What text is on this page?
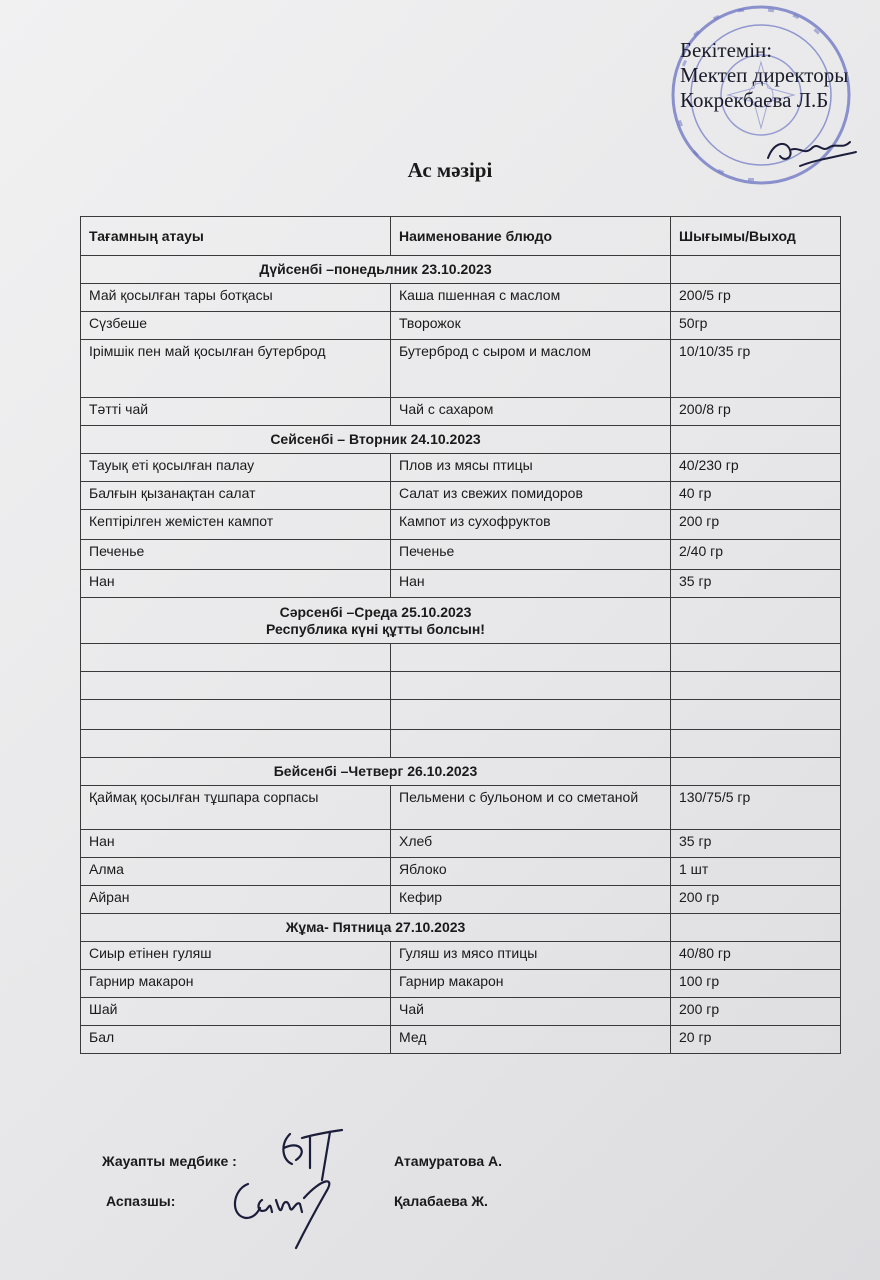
Бекітемін:
Мектеп директоры
Кокрекбаева Л.Б
Ас мәзірі
Тағамның атауы	Наименование блюдо	Шығымы/Выход

Дүйсенбі –понедьлник 23.10.2023		

Май қосылған тары ботқасы	Каша пшенная с маслом	200/5 гр
Сүзбеше	Творожок	50гр
Ірімшік пен май қосылған бутерброд	Бутерброд с сыром и маслом	10/10/35 гр
Тәтті чай	Чай с сахаром	200/8 гр

Сейсенбі – Вторник 24.10.2023		

Тауық еті қосылған палау	Плов из мясы птицы	40/230 гр
Балғын қызанақтан салат	Салат из свежих помидоров	40 гр
Кептірілген жемістен кампот	Кампот из сухофруктов	200 гр
Печенье	Печенье	2/40 гр
Нан	Нан	35 гр

Сәрсенбі –Среда 25.10.2023
Республика күні құтты болсын!		

Бейсенбі –Четверг 26.10.2023		

Қаймақ қосылған тұшпара сорпасы	Пельмени с бульоном и со сметаной	130/75/5 гр
Нан	Хлеб	35 гр
Алма	Яблоко	1 шт
Айран	Кефир	200 гр

Жұма- Пятница 27.10.2023		

Сиыр етінен гуляш	Гуляш из мясо птицы	40/80 гр
Гарнир макарон	Гарнир макарон	100 гр
Шай	Чай	200 гр
Бал	Мед	20 гр
Жауапты медбике :	Атамуратова А.
Аспазшы:	Қалабаева Ж.
